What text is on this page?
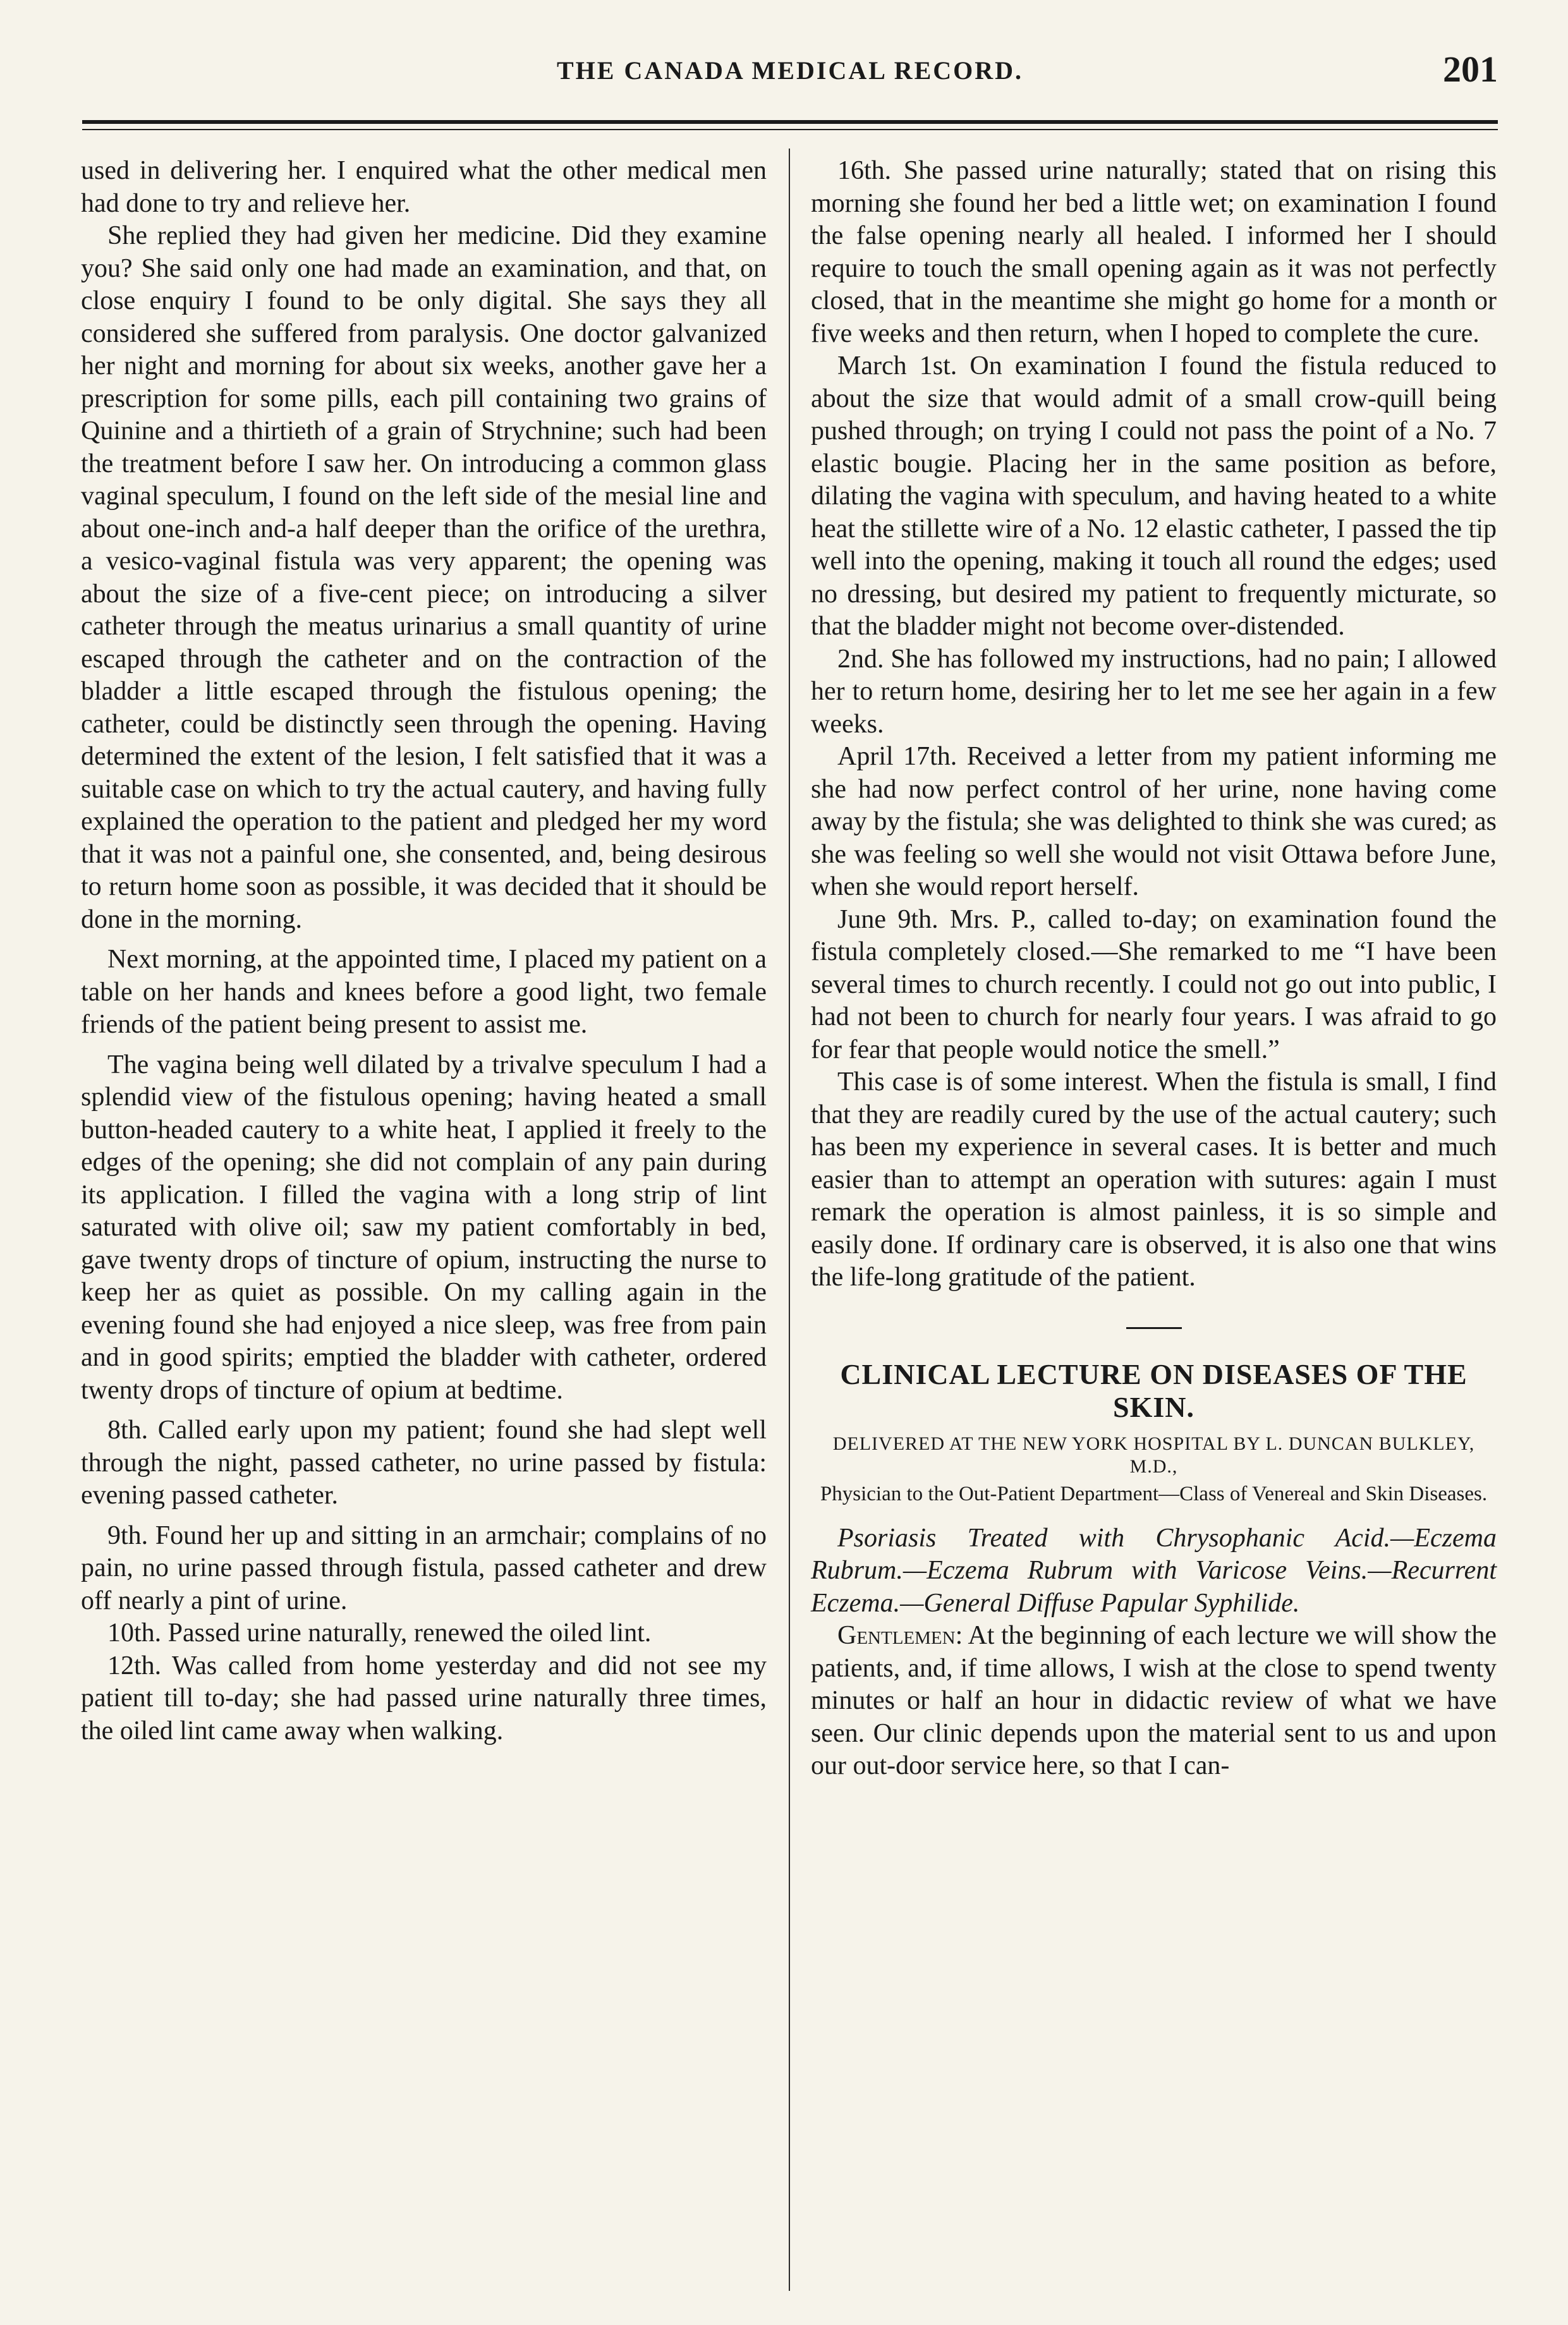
THE CANADA MEDICAL RECORD.	201

used in delivering her. I enquired what the other medical men had done to try and relieve her.

She replied they had given her medicine. Did they examine you? She said only one had made an examination, and that, on close enquiry I found to be only digital. She says they all considered she suffered from paralysis. One doctor galvanized her night and morning for about six weeks, another gave her a prescription for some pills, each pill containing two grains of Quinine and a thirtieth of a grain of Strychnine; such had been the treatment before I saw her. On introducing a common glass vaginal speculum, I found on the left side of the mesial line and about one-inch and-a half deeper than the orifice of the urethra, a vesico-vaginal fistula was very apparent; the opening was about the size of a five-cent piece; on introducing a silver catheter through the meatus urinarius a small quantity of urine escaped through the catheter and on the contraction of the bladder a little escaped through the fistulous opening; the catheter, could be distinctly seen through the opening. Having determined the extent of the lesion, I felt satisfied that it was a suitable case on which to try the actual cautery, and having fully explained the operation to the patient and pledged her my word that it was not a painful one, she consented, and, being desirous to return home soon as possible, it was decided that it should be done in the morning.

Next morning, at the appointed time, I placed my patient on a table on her hands and knees before a good light, two female friends of the patient being present to assist me.

The vagina being well dilated by a trivalve speculum I had a splendid view of the fistulous opening; having heated a small button-headed cautery to a white heat, I applied it freely to the edges of the opening; she did not complain of any pain during its application. I filled the vagina with a long strip of lint saturated with olive oil; saw my patient comfortably in bed, gave twenty drops of tincture of opium, instructing the nurse to keep her as quiet as possible. On my calling again in the evening found she had enjoyed a nice sleep, was free from pain and in good spirits; emptied the bladder with catheter, ordered twenty drops of tincture of opium at bedtime.

8th. Called early upon my patient; found she had slept well through the night, passed catheter, no urine passed by fistula: evening passed catheter.

9th. Found her up and sitting in an armchair; complains of no pain, no urine passed through fistula, passed catheter and drew off nearly a pint of urine.

10th. Passed urine naturally, renewed the oiled lint.

12th. Was called from home yesterday and did not see my patient till to-day; she had passed urine naturally three times, the oiled lint came away when walking.

16th. She passed urine naturally; stated that on rising this morning she found her bed a little wet; on examination I found the false opening nearly all healed. I informed her I should require to touch the small opening again as it was not perfectly closed, that in the meantime she might go home for a month or five weeks and then return, when I hoped to complete the cure.

March 1st. On examination I found the fistula reduced to about the size that would admit of a small crow-quill being pushed through; on trying I could not pass the point of a No. 7 elastic bougie. Placing her in the same position as before, dilating the vagina with speculum, and having heated to a white heat the stillette wire of a No. 12 elastic catheter, I passed the tip well into the opening, making it touch all round the edges; used no dressing, but desired my patient to frequently micturate, so that the bladder might not become over-distended.

2nd. She has followed my instructions, had no pain; I allowed her to return home, desiring her to let me see her again in a few weeks.

April 17th. Received a letter from my patient informing me she had now perfect control of her urine, none having come away by the fistula; she was delighted to think she was cured; as she was feeling so well she would not visit Ottawa before June, when she would report herself.

June 9th. Mrs. P., called to-day; on examination found the fistula completely closed.—She remarked to me “I have been several times to church recently. I could not go out into public, I had not been to church for nearly four years. I was afraid to go for fear that people would notice the smell.”

This case is of some interest. When the fistula is small, I find that they are readily cured by the use of the actual cautery; such has been my experience in several cases. It is better and much easier than to attempt an operation with sutures: again I must remark the operation is almost painless, it is so simple and easily done. If ordinary care is observed, it is also one that wins the life-long gratitude of the patient.

CLINICAL LECTURE ON DISEASES OF THE SKIN.
DELIVERED AT THE NEW YORK HOSPITAL BY L. DUNCAN BULKLEY, M.D.,
Physician to the Out-Patient Department—Class of Venereal and Skin Diseases.

Psoriasis Treated with Chrysophanic Acid.—Eczema Rubrum.—Eczema Rubrum with Varicose Veins.—Recurrent Eczema.—General Diffuse Papular Syphilide.

Gentlemen: At the beginning of each lecture we will show the patients, and, if time allows, I wish at the close to spend twenty minutes or half an hour in didactic review of what we have seen. Our clinic depends upon the material sent to us and upon our out-door service here, so that I can-
